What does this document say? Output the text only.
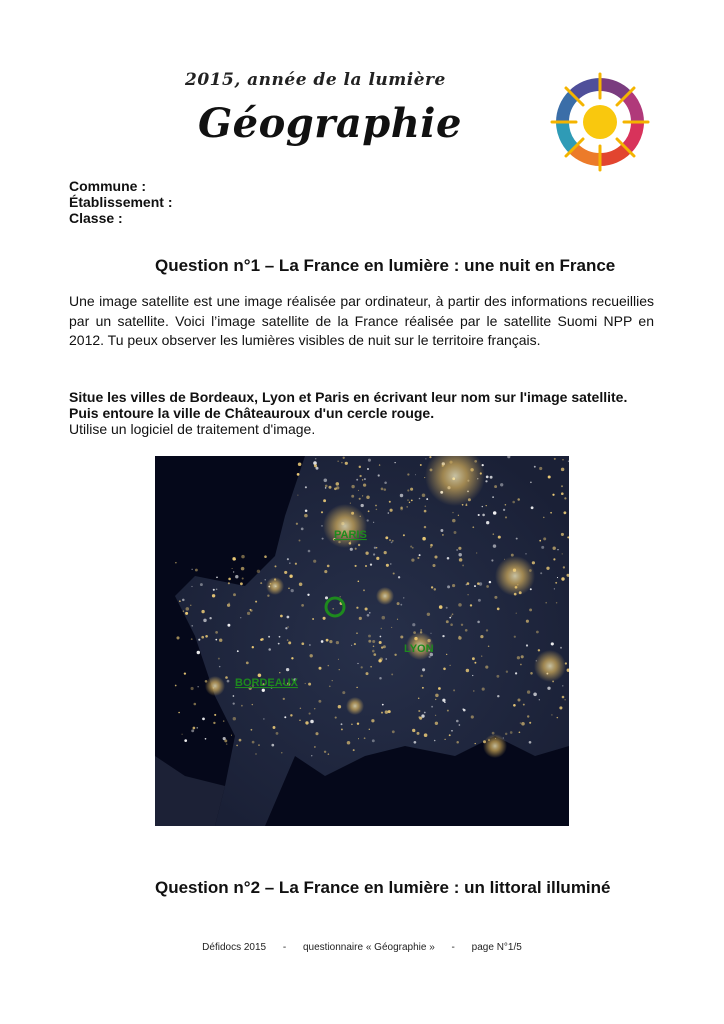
2015, année de la lumière
Géographie
Commune :
Établissement :
Classe :
Question n°1 – La France en lumière : une nuit en France
Une image satellite est une image réalisée par ordinateur, à partir des informations recueillies par un satellite. Voici l’image satellite de la France réalisée par le satellite Suomi NPP en 2012. Tu peux observer les lumières visibles de nuit sur le territoire français.
Situe les villes de Bordeaux, Lyon et Paris en écrivant leur nom sur l'image satellite.
Puis entoure la ville de Châteauroux d'un cercle rouge.
Utilise un logiciel de traitement d'image.
PARIS
LYON
BORDEAUX
Question n°2 – La France en lumière : un littoral illuminé
Défidocs 2015 - questionnaire « Géographie » - page N°1/5
